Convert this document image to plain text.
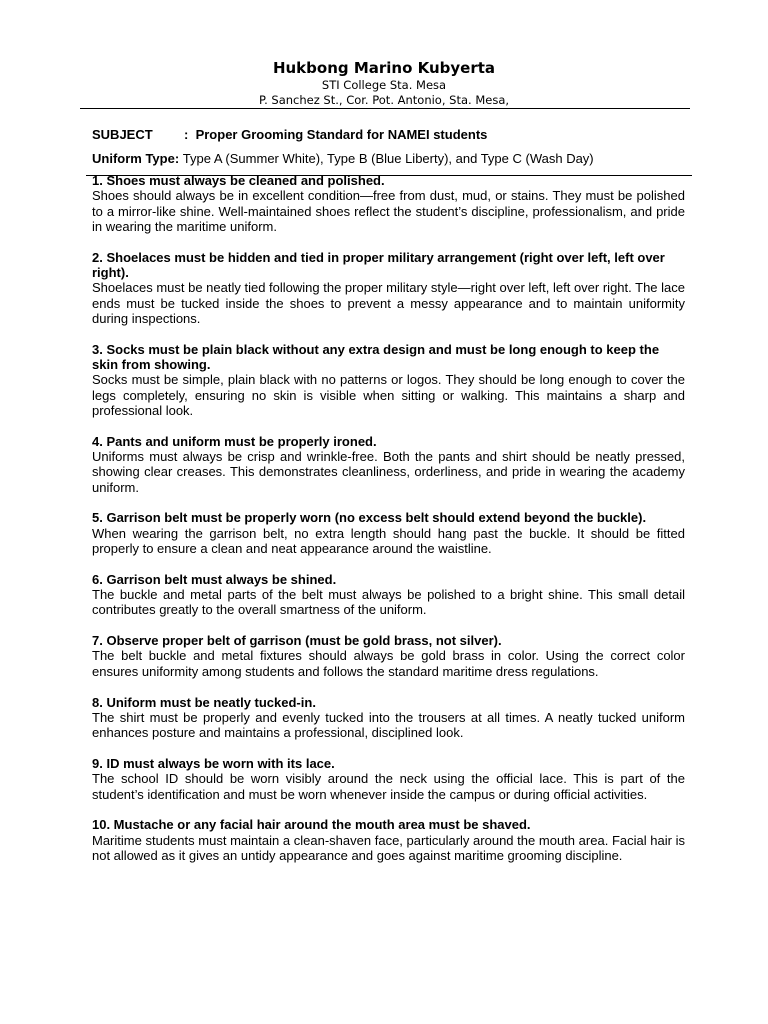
Hukbong Marino Kubyerta
STI College Sta. Mesa
P. Sanchez St., Cor. Pot. Antonio, Sta. Mesa,
SUBJECT : Proper Grooming Standard for NAMEI students
Uniform Type: Type A (Summer White), Type B (Blue Liberty), and Type C (Wash Day)
1. Shoes must always be cleaned and polished.
Shoes should always be in excellent condition—free from dust, mud, or stains. They must be polished to a mirror-like shine. Well-maintained shoes reflect the student’s discipline, professionalism, and pride in wearing the maritime uniform.
2. Shoelaces must be hidden and tied in proper military arrangement (right over left, left over right).
Shoelaces must be neatly tied following the proper military style—right over left, left over right. The lace ends must be tucked inside the shoes to prevent a messy appearance and to maintain uniformity during inspections.
3. Socks must be plain black without any extra design and must be long enough to keep the skin from showing.
Socks must be simple, plain black with no patterns or logos. They should be long enough to cover the legs completely, ensuring no skin is visible when sitting or walking. This maintains a sharp and professional look.
4. Pants and uniform must be properly ironed.
Uniforms must always be crisp and wrinkle-free. Both the pants and shirt should be neatly pressed, showing clear creases. This demonstrates cleanliness, orderliness, and pride in wearing the academy uniform.
5. Garrison belt must be properly worn (no excess belt should extend beyond the buckle).
When wearing the garrison belt, no extra length should hang past the buckle. It should be fitted properly to ensure a clean and neat appearance around the waistline.
6. Garrison belt must always be shined.
The buckle and metal parts of the belt must always be polished to a bright shine. This small detail contributes greatly to the overall smartness of the uniform.
7. Observe proper belt of garrison (must be gold brass, not silver).
The belt buckle and metal fixtures should always be gold brass in color. Using the correct color ensures uniformity among students and follows the standard maritime dress regulations.
8. Uniform must be neatly tucked-in.
The shirt must be properly and evenly tucked into the trousers at all times. A neatly tucked uniform enhances posture and maintains a professional, disciplined look.
9. ID must always be worn with its lace.
The school ID should be worn visibly around the neck using the official lace. This is part of the student’s identification and must be worn whenever inside the campus or during official activities.
10. Mustache or any facial hair around the mouth area must be shaved.
Maritime students must maintain a clean-shaven face, particularly around the mouth area. Facial hair is not allowed as it gives an untidy appearance and goes against maritime grooming discipline.
